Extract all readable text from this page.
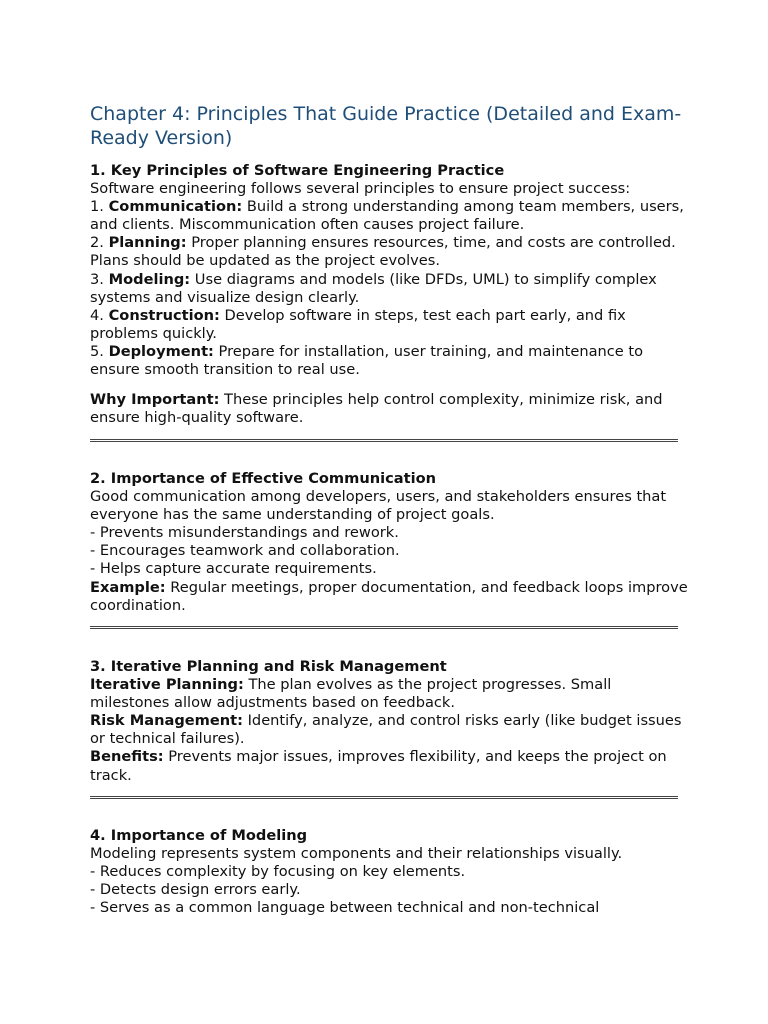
Chapter 4: Principles That Guide Practice (Detailed and Exam-Ready Version)

1. Key Principles of Software Engineering Practice

Software engineering follows several principles to ensure project success:

1. Communication: Build a strong understanding among team members, users, and clients. Miscommunication often causes project failure.

2. Planning: Proper planning ensures resources, time, and costs are controlled. Plans should be updated as the project evolves.

3. Modeling: Use diagrams and models (like DFDs, UML) to simplify complex systems and visualize design clearly.

4. Construction: Develop software in steps, test each part early, and fix problems quickly.

5. Deployment: Prepare for installation, user training, and maintenance to ensure smooth transition to real use.

Why Important: These principles help control complexity, minimize risk, and ensure high-quality software.

2. Importance of Effective Communication

Good communication among developers, users, and stakeholders ensures that everyone has the same understanding of project goals.

- Prevents misunderstandings and rework.

- Encourages teamwork and collaboration.

- Helps capture accurate requirements.

Example: Regular meetings, proper documentation, and feedback loops improve coordination.

3. Iterative Planning and Risk Management

Iterative Planning: The plan evolves as the project progresses. Small milestones allow adjustments based on feedback.

Risk Management: Identify, analyze, and control risks early (like budget issues or technical failures).

Benefits: Prevents major issues, improves flexibility, and keeps the project on track.

4. Importance of Modeling

Modeling represents system components and their relationships visually.

- Reduces complexity by focusing on key elements.

- Detects design errors early.

- Serves as a common language between technical and non-technical
